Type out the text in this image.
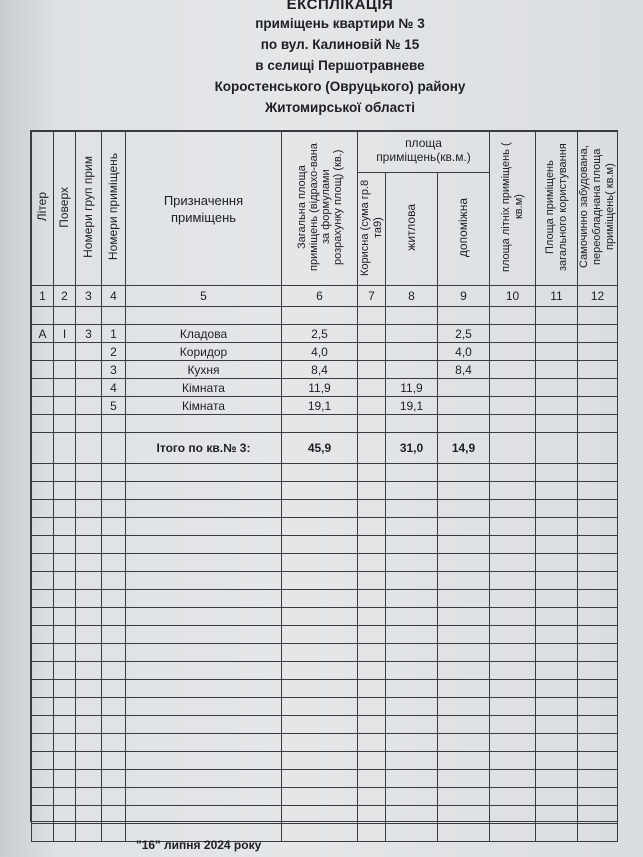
ЕКСПЛІКАЦІЯ
приміщень квартири № 3
по вул. Калиновій № 15
в селищі Першотравневе
Коростенського (Овруцького) району
Житомирської області
Літер	Поверх	Номери груп прим	Номери приміщень	Призначення приміщень	Загальна площа приміщень (відрахо-вана за формулами розрахунку площ) (кв.)	площа приміщень(кв.м.)			площа літніх приміщень ( кв.м)	Площа приміщень загального користування	Самочинно забудована, переобладнана площа приміщень( кв.м)
						Корисна (сума гр.8 та9)	житлова	допоміжна			
1	2	3	4	5	6	7	8	9	10	11	12

А	I	3	1	Кладова	2,5			2,5			
			2	Коридор	4,0			4,0			
			3	Кухня	8,4			8,4			
			4	Кімната	11,9		11,9				
			5	Кімната	19,1		19,1				

				Ітого по кв.№ 3:	45,9		31,0	14,9			

"16" липня 2024 року
